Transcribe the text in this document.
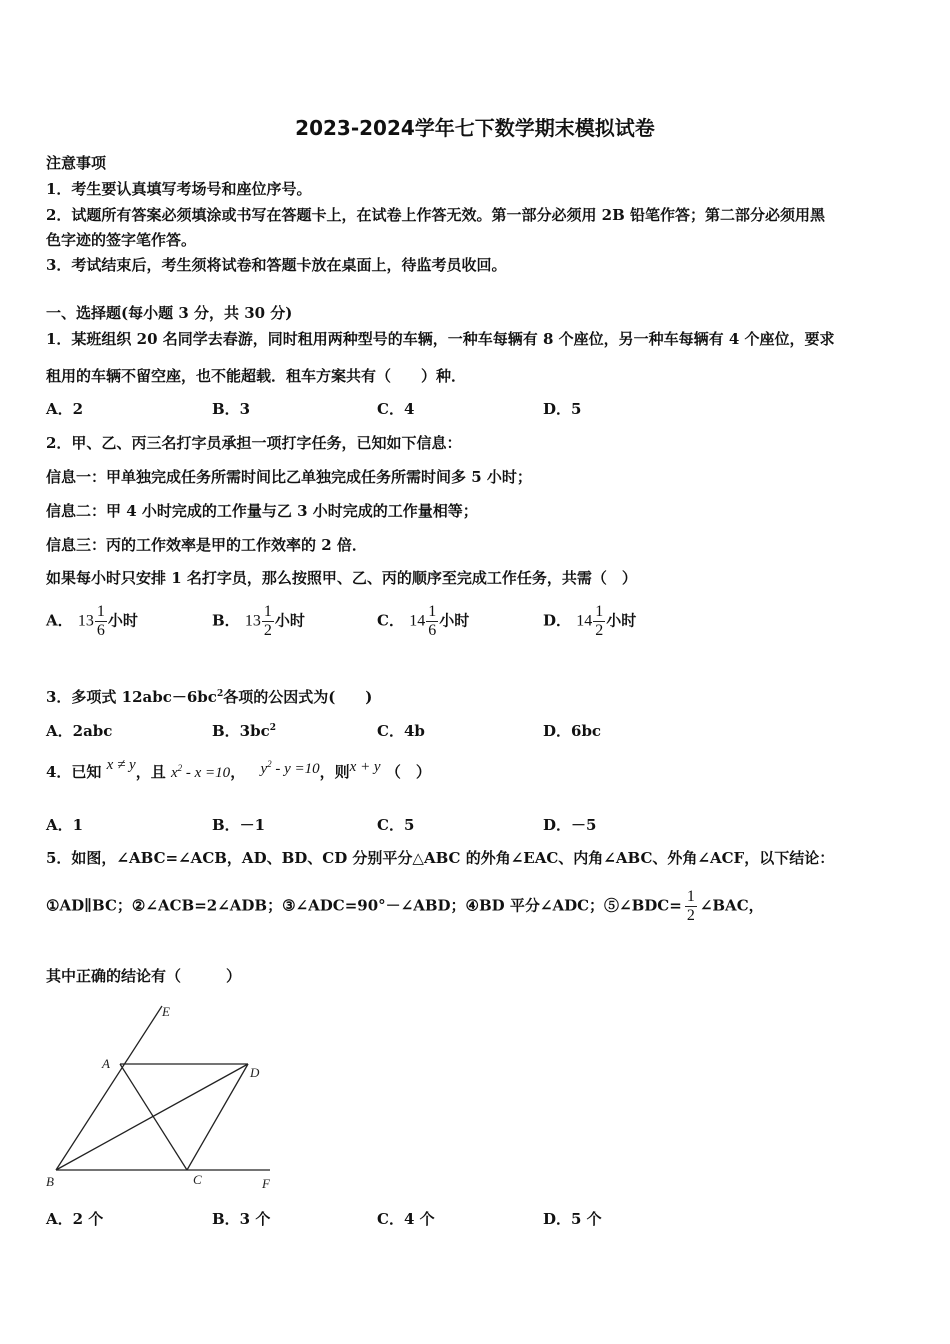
2023-2024学年七下数学期末模拟试卷
注意事项
1．考生要认真填写考场号和座位序号。
2．试题所有答案必须填涂或书写在答题卡上，在试卷上作答无效。第一部分必须用 2B 铅笔作答；第二部分必须用黑
色字迹的签字笔作答。
3．考试结束后，考生须将试卷和答题卡放在桌面上，待监考员收回。
一、选择题(每小题 3 分，共 30 分)
1．某班组织 20 名同学去春游，同时租用两种型号的车辆，一种车每辆有 8 个座位，另一种车每辆有 4 个座位，要求
租用的车辆不留空座，也不能超载．租车方案共有（　　）种．
A．2	B．3	C．4	D．5
2．甲、乙、丙三名打字员承担一项打字任务，已知如下信息：
信息一：甲单独完成任务所需时间比乙单独完成任务所需时间多 5 小时；
信息二：甲 4 小时完成的工作量与乙 3 小时完成的工作量相等；
信息三：丙的工作效率是甲的工作效率的 2 倍．
如果每小时只安排 1 名打字员，那么按照甲、乙、丙的顺序至完成工作任务，共需（　）
A． $13 \frac{1}{6}$ 小时	B． $13 \frac{1}{2}$ 小时	C． $14 \frac{1}{6}$ 小时	D． $14 \frac{1}{2}$ 小时
3．多项式 $12abc-6bc^2$各项的公因式为(　　)
A．2abc	B．$3bc^2$	C．4b	D．6bc
4．已知 x ≠ y，且 $x^2 - x =10$， $y^2 - y =10$，则x + y （　）
A．1	B．－1	C．5	D．－5
5．如图，∠ABC=∠ACB，AD、BD、CD 分别平分△ABC 的外角∠EAC、内角∠ABC、外角∠ACF，以下结论：
①AD∥BC；②∠ACB=2∠ADB；③∠ADC=90°－∠ABD；④BD 平分∠ADC；⑤∠BDC= $\frac{1}{2}$ ∠BAC，
其中正确的结论有（　　　）
E
A
D
B	C	F
A．2 个	B．3 个	C．4 个	D．5 个
